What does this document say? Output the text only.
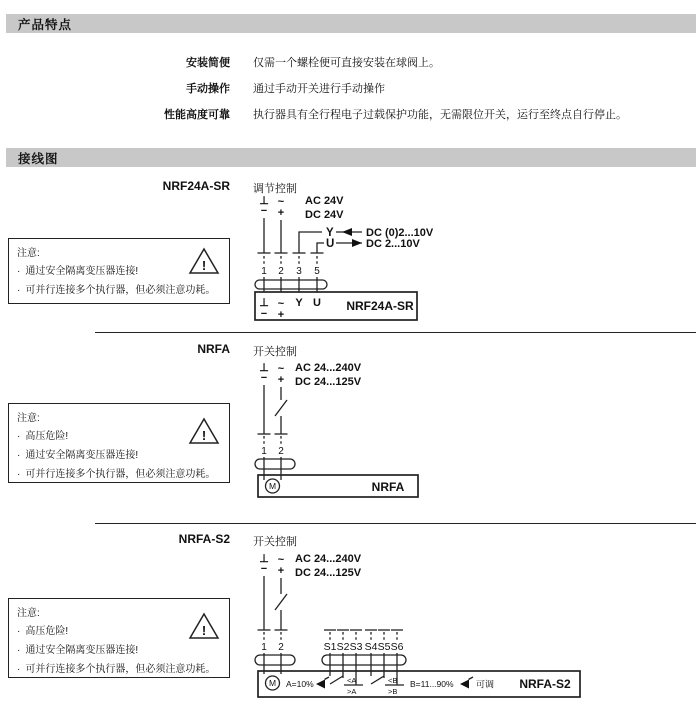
产品特点
安装简便 仅需一个螺栓便可直接安装在球阀上。
手动操作 通过手动开关进行手动操作
性能高度可靠 执行器具有全行程电子过载保护功能，无需限位开关，运行至终点自行停止。
接线图
NRF24A-SR 调节控制
⊥
−
~
+
AC 24V
DC 24V
Y	DC (0)2...10V
U	DC 2...10V
1 2 3 5
⊥ ~ Y U
− +
NRF24A-SR
注意:
· 通过安全隔离变压器连接!
· 可并行连接多个执行器，但必须注意功耗。
!
NRFA 开关控制
⊥
−
~
+
AC 24...240V
DC 24...125V
1 2
M	NRFA
注意:
· 高压危险!
· 通过安全隔离变压器连接!
· 可并行连接多个执行器，但必须注意功耗。
!
NRFA-S2 开关控制
⊥
−
~
+
AC 24...240V
DC 24...125V
1 2	S1 S2 S3 S4 S5 S6
M A=10%	<A
>A
<B
>B
B=11...90% 可调 NRFA-S2
注意:
· 高压危险!
· 通过安全隔离变压器连接!
· 可并行连接多个执行器，但必须注意功耗。
!
